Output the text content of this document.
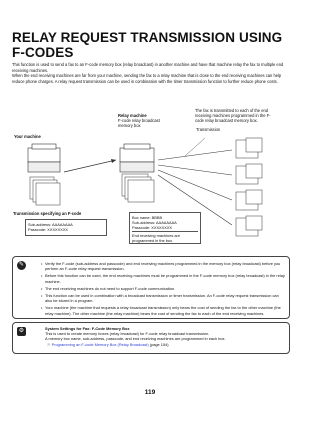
RELAY REQUEST TRANSMISSION USING
F-CODES
This function is used to send a fax to an F-code memory box (relay broadcast) in another machine and have that machine relay the fax to multiple end receiving machines.
When the end receiving machines are far from your machine, sending the fax to a relay machine that is close to the end receiving machines can help reduce phone charges. A relay request transmission can be used in combination with the timer transmission function to further reduce phone costs.
Your machine
Relay machine
F-code relay broadcast memory box
The fax is transmitted to each of the end receiving machines programmed in the F-code relay broadcast memory box.
Transmission
Transmission specifying an F-code
Sub-address: AAAAAAAA
Passcode: XXXXXXXX
Box name: BBBB
Sub-address: AAAAAAAA
Passcode: XXXXXXXX
End receiving machines are programmed in the box.
✎
•	Verify the F-code (sub-address and passcode) and end receiving machines programmed in the memory box (relay broadcast) before you perform an F-code relay request transmission.
• Before this function can be used, the end receiving machines must be programmed in the F-code memory box (relay broadcast) in the relay machine.
• The end receiving machines do not need to support F-code communication.
• This function can be used in combination with a broadcast transmission or timer transmission. An F-code relay request transmission can also be stored in a program.
• Your machine (the machine that requests a relay broadcast transmission) only bears the cost of sending the fax to the other machine (the relay machine). The other machine (the relay machine) bears the cost of sending the fax to each of the end receiving machines.
⚙	System Settings for Fax: F-Code Memory Box
This is used to create memory boxes (relay broadcast) for F-code relay broadcast transmission.
A memory box name, sub-address, passcode, and end receiving machines are programmed in each box.
☞ Programming an F-code Memory Box (Relay Broadcast) (page 154)
119
